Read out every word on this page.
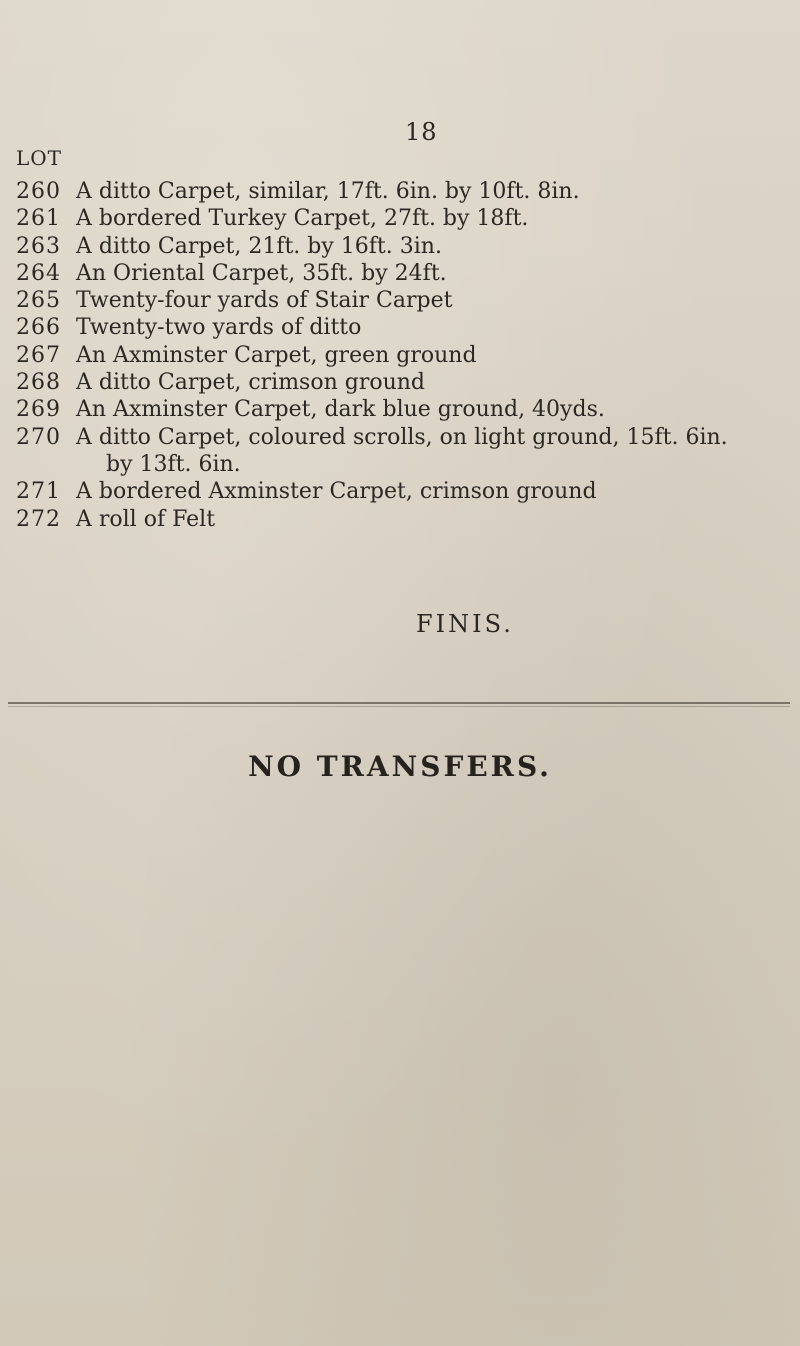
18
LOT
260 A ditto Carpet, similar, 17ft. 6in. by 10ft. 8in.
261 A bordered Turkey Carpet, 27ft. by 18ft.
263 A ditto Carpet, 21ft. by 16ft. 3in.
264 An Oriental Carpet, 35ft. by 24ft.
265 Twenty-four yards of Stair Carpet
266 Twenty-two yards of ditto
267 An Axminster Carpet, green ground
268 A ditto Carpet, crimson ground
269 An Axminster Carpet, dark blue ground, 40yds.
270 A ditto Carpet, coloured scrolls, on light ground, 15ft. 6in.
by 13ft. 6in.
271 A bordered Axminster Carpet, crimson ground
272 A roll of Felt
FINIS.
NO TRANSFERS.
